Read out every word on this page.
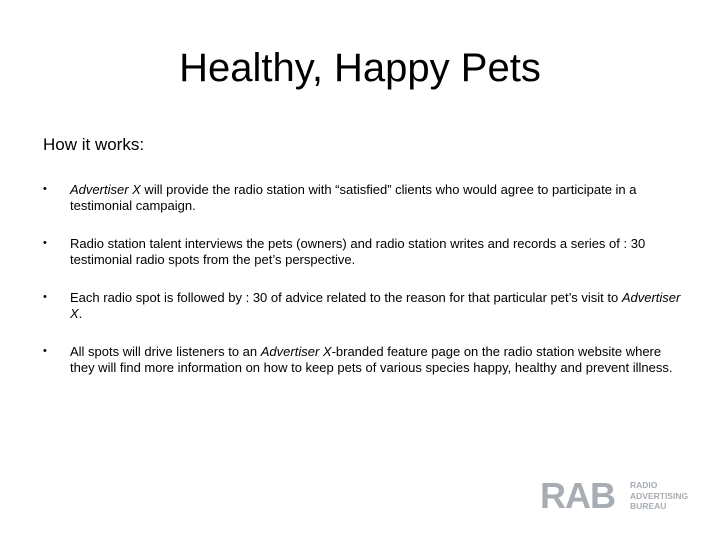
Healthy, Happy Pets
How it works:
• Advertiser X will provide the radio station with “satisfied” clients who would agree to participate in a testimonial campaign.
• Radio station talent interviews the pets (owners) and radio station writes and records a series of : 30 testimonial radio spots from the pet’s perspective.
• Each radio spot is followed by : 30 of advice related to the reason for that particular pet’s visit to Advertiser X.
• All spots will drive listeners to an Advertiser X-branded feature page on the radio station website where they will find more information on how to keep pets of various species happy, healthy and prevent illness.
RAB RADIO
ADVERTISING
BUREAU
